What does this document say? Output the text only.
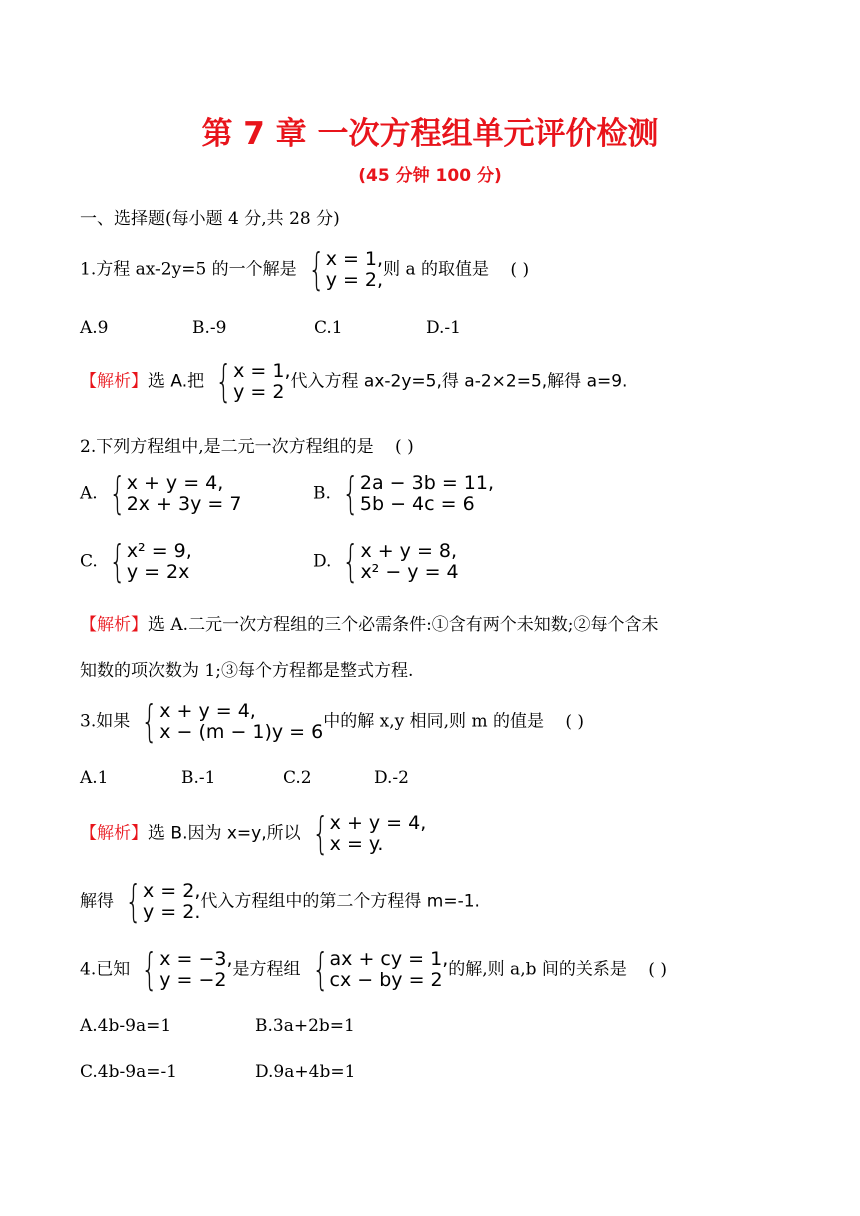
第 7 章 一次方程组单元评价检测
(45 分钟 100 分)
一、选择题(每小题 4 分,共 28 分)
1.方程 ax-2y=5 的一个解是 { x = 1,
y = 2, 则 a 的取值是 ( )
A.9	B.-9	C.1	D.-1
【解析】选 A.把 { x = 1,
y = 2 代入方程 ax-2y=5,得 a-2×2=5,解得 a=9.
2.下列方程组中,是二元一次方程组的是 ( )
A. { x + y = 4,
2x + 3y = 7	B. { 2a − 3b = 11,
5b − 4c = 6
C. { x² = 9,
y = 2x	D. { x + y = 8,
x² − y = 4
【解析】选 A.二元一次方程组的三个必需条件:①含有两个未知数;②每个含未
知数的项次数为 1;③每个方程都是整式方程.
3.如果 { x + y = 4,
x − (m − 1)y = 6 中的解 x,y 相同,则 m 的值是 ( )
A.1	B.-1	C.2	D.-2
【解析】选 B.因为 x=y,所以 { x + y = 4,
x = y.
解得 { x = 2,
y = 2. 代入方程组中的第二个方程得 m=-1.
4.已知 { x = −3,
y = −2 是方程组 { ax + cy = 1,
cx − by = 2 的解,则 a,b 间的关系是 ( )
A.4b-9a=1	B.3a+2b=1
C.4b-9a=-1	D.9a+4b=1
